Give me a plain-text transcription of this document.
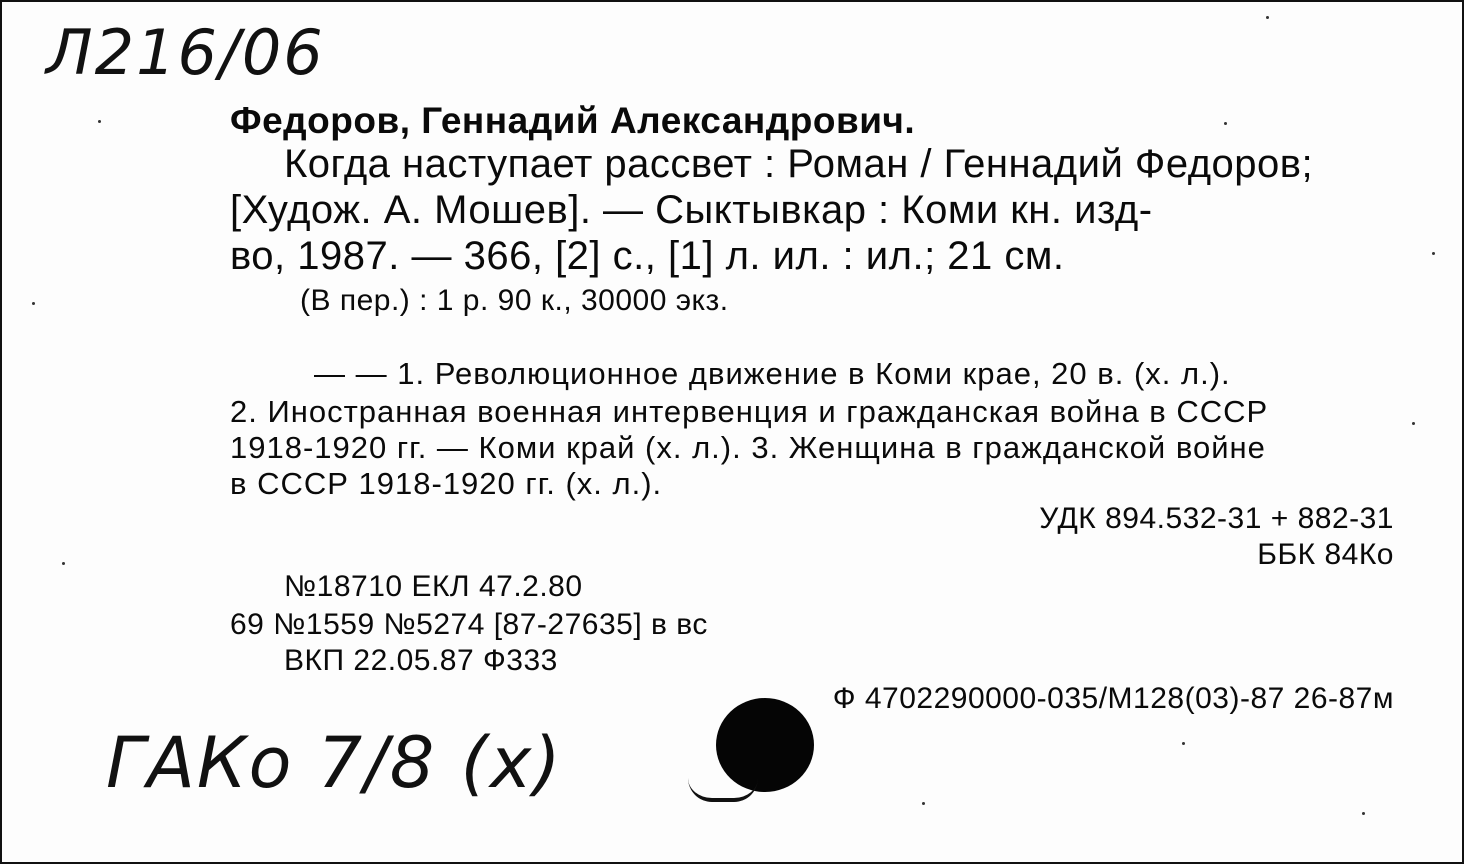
Л216/06
Федоров, Геннадий Александрович.
Когда наступает рассвет : Роман / Геннадий Федоров;
[Худож. А. Мошев]. — Сыктывкар : Коми кн. изд-
во, 1987. — 366, [2] с., [1] л. ил. : ил.; 21 см.
(В пер.) : 1 р. 90 к., 30000 экз.
— — 1. Революционное движение в Коми крае, 20 в. (х. л.).
2. Иностранная военная интервенция и гражданская война в СССР
1918-1920 гг. — Коми край (х. л.). 3. Женщина в гражданской войне
в СССР 1918-1920 гг. (х. л.).
УДК 894.532-31 + 882-31
ББК 84Ко
№18710 ЕКЛ 47.2.80
69 №1559 №5274 [87-27635] в вс
ВКП 22.05.87 Ф333
Ф 4702290000-035/М128(03)-87 26-87м
ГАКо 7/8 (х)
